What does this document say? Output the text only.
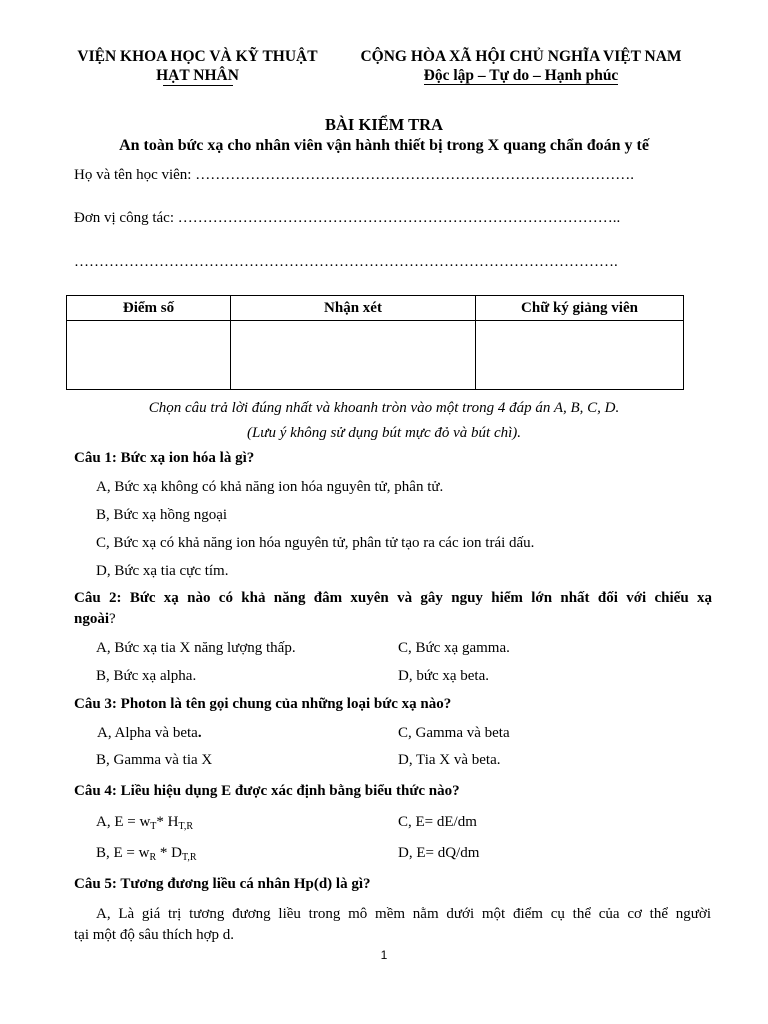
VIỆN KHOA HỌC VÀ KỸ THUẬT
HẠT NHÂN
CỘNG HÒA XÃ HỘI CHỦ NGHĨA VIỆT NAM
Độc lập – Tự do – Hạnh phúc
BÀI KIỂM TRA
An toàn bức xạ cho nhân viên vận hành thiết bị trong X quang chẩn đoán y tế
Họ và tên học viên: …………………………………………………………………………….
Đơn vị công tác: ……………………………………………………………………………..
……………………………………………………………………………………………….
Điểm số	Nhận xét	Chữ ký giảng viên

Chọn câu trả lời đúng nhất và khoanh tròn vào một trong 4 đáp án A, B, C, D.
(Lưu ý không sử dụng bút mực đỏ và bút chì).
Câu 1: Bức xạ ion hóa là gì?
A, Bức xạ không có khả năng ion hóa nguyên tử, phân tử.
B, Bức xạ hồng ngoại
C, Bức xạ có khả năng ion hóa nguyên tử, phân tử tạo ra các ion trái dấu.
D, Bức xạ tia cực tím.
Câu 2: Bức xạ nào có khả năng đâm xuyên và gây nguy hiểm lớn nhất đối với chiếu xạ
ngoài?
A, Bức xạ tia X năng lượng thấp.	C, Bức xạ gamma.
B, Bức xạ alpha.	D, bức xạ beta.
Câu 3: Photon là tên gọi chung của những loại bức xạ nào?
A, Alpha và beta.	C, Gamma và beta
B, Gamma và tia X	D, Tia X và beta.
Câu 4: Liều hiệu dụng E được xác định bằng biểu thức nào?
A, $E = w_T*$ $H_{T,R}$	C, E= dE/dm
B, $E = w_R * D_{T,R}$	D, E= dQ/dm
Câu 5: Tương đương liều cá nhân Hp(d) là gì?
A, Là giá trị tương đương liều trong mô mềm nằm dưới một điểm cụ thể của cơ thể người
tại một độ sâu thích hợp d.
1
